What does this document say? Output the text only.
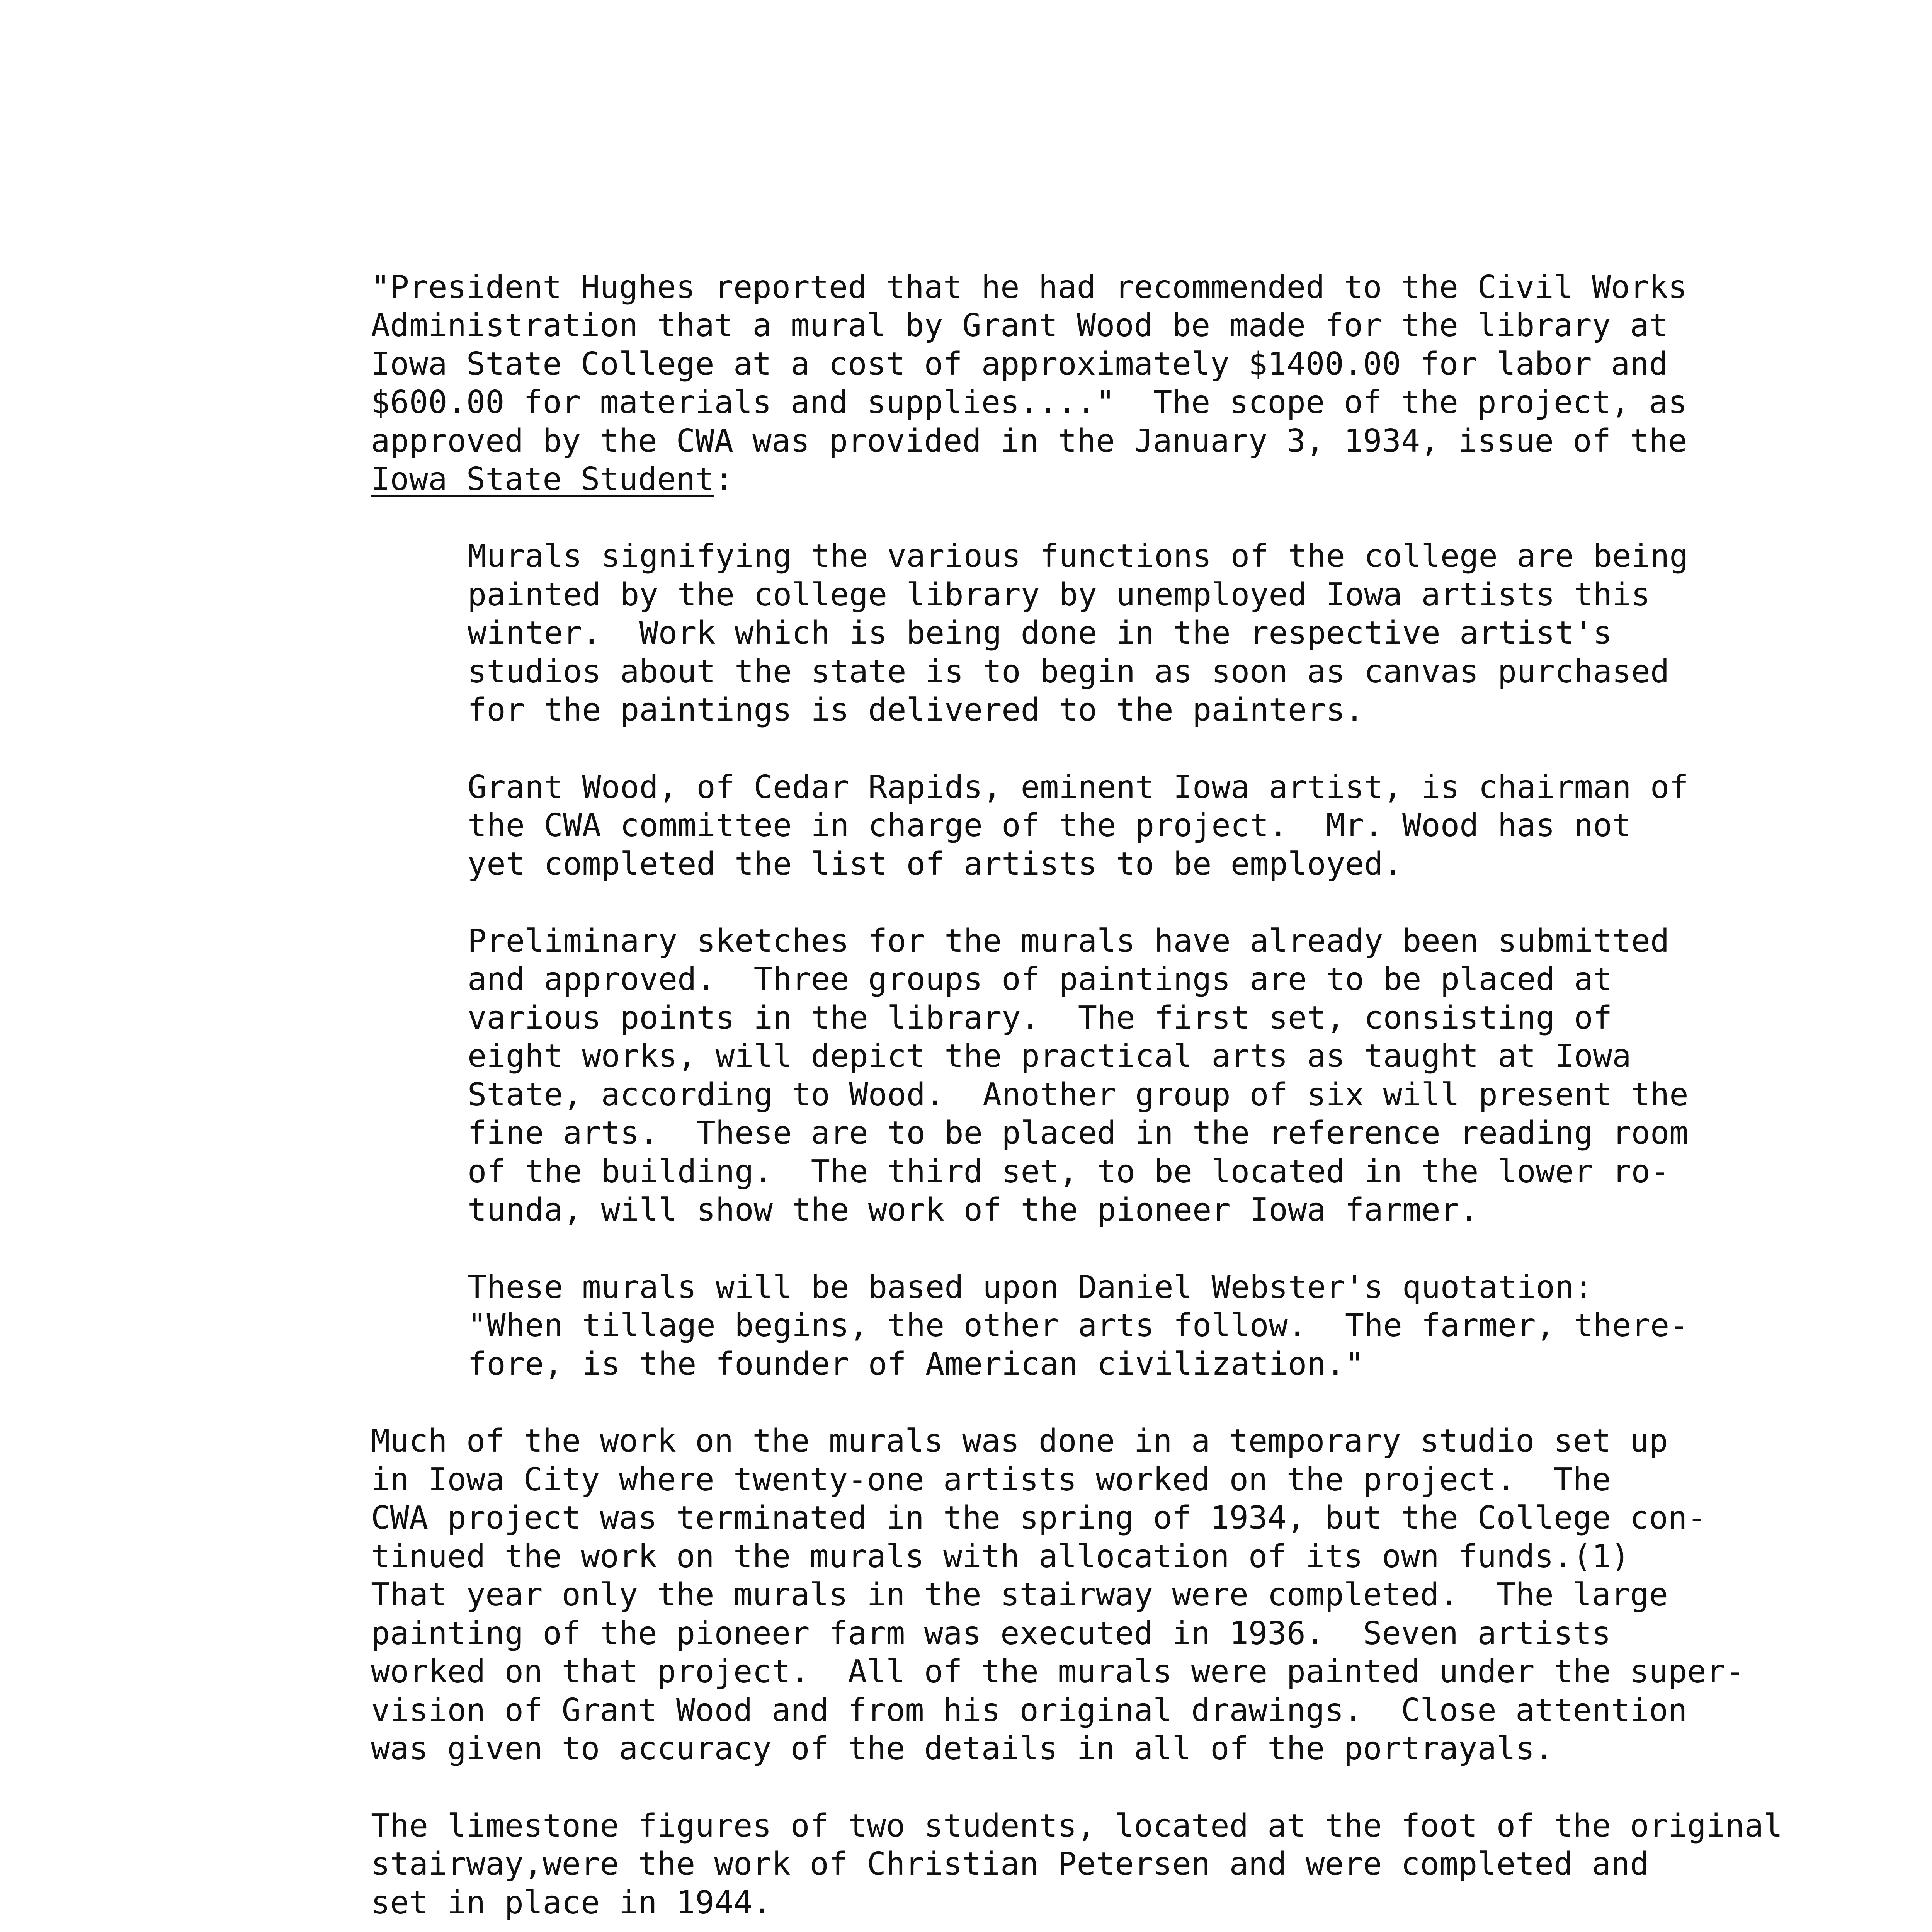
"President Hughes reported that he had recommended to the Civil Works
Administration that a mural by Grant Wood be made for the library at
Iowa State College at a cost of approximately $1400.00 for labor and
$600.00 for materials and supplies...."  The scope of the project, as
approved by the CWA was provided in the January 3, 1934, issue of the
Iowa State Student:
Murals signifying the various functions of the college are being
painted by the college library by unemployed Iowa artists this
winter.  Work which is being done in the respective artist's
studios about the state is to begin as soon as canvas purchased
for the paintings is delivered to the painters.
Grant Wood, of Cedar Rapids, eminent Iowa artist, is chairman of
the CWA committee in charge of the project.  Mr. Wood has not
yet completed the list of artists to be employed.
Preliminary sketches for the murals have already been submitted
and approved.  Three groups of paintings are to be placed at
various points in the library.  The first set, consisting of
eight works, will depict the practical arts as taught at Iowa
State, according to Wood.  Another group of six will present the
fine arts.  These are to be placed in the reference reading room
of the building.  The third set, to be located in the lower ro-
tunda, will show the work of the pioneer Iowa farmer.
These murals will be based upon Daniel Webster's quotation:
"When tillage begins, the other arts follow.  The farmer, there-
fore, is the founder of American civilization."
Much of the work on the murals was done in a temporary studio set up
in Iowa City where twenty-one artists worked on the project.  The
CWA project was terminated in the spring of 1934, but the College con-
tinued the work on the murals with allocation of its own funds.(1)
That year only the murals in the stairway were completed.  The large
painting of the pioneer farm was executed in 1936.  Seven artists
worked on that project.  All of the murals were painted under the super-
vision of Grant Wood and from his original drawings.  Close attention
was given to accuracy of the details in all of the portrayals.
The limestone figures of two students, located at the foot of the original
stairway,were the work of Christian Petersen and were completed and
set in place in 1944.
